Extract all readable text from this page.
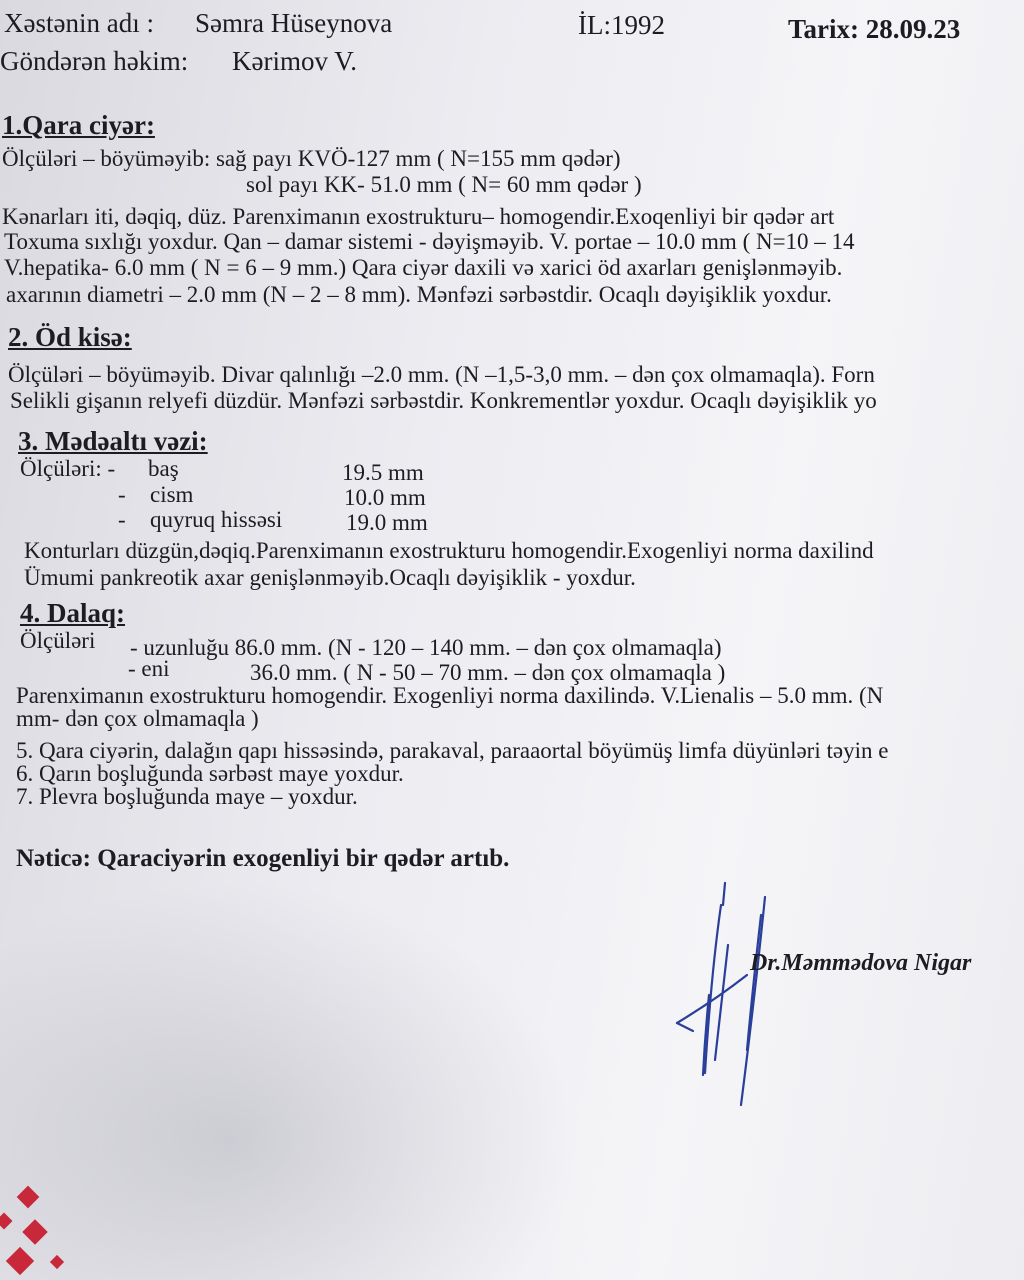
Xəstənin adı : Səmra Hüseynova	İL:1992	Tarix: 28.09.23
Göndərən həkim: Kərimov V.
1.Qara ciyər:
Ölçüləri – böyüməyib: sağ payı KVÖ-127 mm ( N=155 mm qədər)
sol payı KK- 51.0 mm ( N= 60 mm qədər )
Kənarları iti, dəqiq, düz. Parenximanın exostrukturu– homogendir.Exoqenliyi bir qədər art
Toxuma sıxlığı yoxdur. Qan – damar sistemi - dəyişməyib. V. portae – 10.0 mm ( N=10 – 14
V.hepatika- 6.0 mm ( N = 6 – 9 mm.) Qara ciyər daxili və xarici öd axarları genişlənməyib.
axarının diametri – 2.0 mm (N – 2 – 8 mm). Mənfəzi sərbəstdir. Ocaqlı dəyişiklik yoxdur.
2. Öd kisə:
Ölçüləri – böyüməyib. Divar qalınlığı –2.0 mm. (N –1,5-3,0 mm. – dən çox olmamaqla). Forn
Selikli gişanın relyefi düzdür. Mənfəzi sərbəstdir. Konkrementlər yoxdur. Ocaqlı dəyişiklik yo
3. Mədəaltı vəzi:
Ölçüləri: - baş	19.5 mm
- cism	10.0 mm
- quyruq hissəsi	19.0 mm
Konturları düzgün,dəqiq.Parenximanın exostrukturu homogendir.Exogenliyi norma daxilind
Ümumi pankreotik axar genişlənməyib.Ocaqlı dəyişiklik - yoxdur.
4. Dalaq:
Ölçüləri - uzunluğu 86.0 mm. (N - 120 – 140 mm. – dən çox olmamaqla)
- eni	36.0 mm. ( N - 50 – 70 mm. – dən çox olmamaqla )
Parenximanın exostrukturu homogendir. Exogenliyi norma daxilində. V.Lienalis – 5.0 mm. (N
mm- dən çox olmamaqla )
5. Qara ciyərin, dalağın qapı hissəsində, parakaval, paraaortal böyümüş limfa düyünləri təyin e
6. Qarın boşluğunda sərbəst maye yoxdur.
7. Plevra boşluğunda maye – yoxdur.
Nəticə: Qaraciyərin exogenliyi bir qədər artıb.
Dr.Məmmədova Nigar
